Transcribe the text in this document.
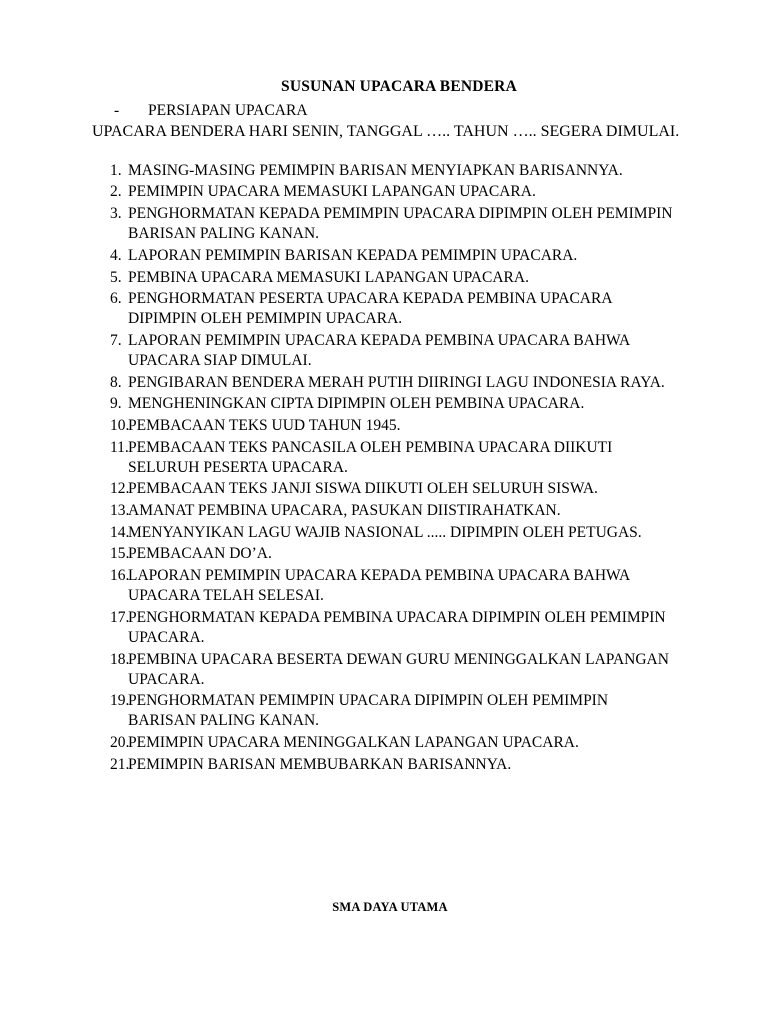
SUSUNAN UPACARA BENDERA
-	PERSIAPAN UPACARA
UPACARA BENDERA HARI SENIN, TANGGAL ….. TAHUN ….. SEGERA DIMULAI.
1. MASING-MASING PEMIMPIN BARISAN MENYIAPKAN BARISANNYA.
2. PEMIMPIN UPACARA MEMASUKI LAPANGAN UPACARA.
3. PENGHORMATAN KEPADA PEMIMPIN UPACARA DIPIMPIN OLEH PEMIMPIN BARISAN PALING KANAN.
4. LAPORAN PEMIMPIN BARISAN KEPADA PEMIMPIN UPACARA.
5. PEMBINA UPACARA MEMASUKI LAPANGAN UPACARA.
6. PENGHORMATAN PESERTA UPACARA KEPADA PEMBINA UPACARA DIPIMPIN OLEH PEMIMPIN UPACARA.
7. LAPORAN PEMIMPIN UPACARA KEPADA PEMBINA UPACARA BAHWA UPACARA SIAP DIMULAI.
8. PENGIBARAN BENDERA MERAH PUTIH DIIRINGI LAGU INDONESIA RAYA.
9. MENGHENINGKAN CIPTA DIPIMPIN OLEH PEMBINA UPACARA.
10.
PEMBACAAN TEKS UUD TAHUN 1945.
11. PEMBACAAN TEKS PANCASILA OLEH PEMBINA UPACARA DIIKUTI SELURUH PESERTA UPACARA.
12.
PEMBACAAN TEKS JANJI SISWA DIIKUTI OLEH SELURUH SISWA.
13.
AMANAT PEMBINA UPACARA, PASUKAN DIISTIRAHATKAN.
14.
MENYANYIKAN LAGU WAJIB NASIONAL ..... DIPIMPIN OLEH PETUGAS.
15.
PEMBACAAN DO’A.
16.
LAPORAN PEMIMPIN UPACARA KEPADA PEMBINA UPACARA BAHWA UPACARA TELAH SELESAI.
17.
PENGHORMATAN KEPADA PEMBINA UPACARA DIPIMPIN OLEH PEMIMPIN UPACARA.
18.
PEMBINA UPACARA BESERTA DEWAN GURU MENINGGALKAN LAPANGAN UPACARA.
19.
PENGHORMATAN PEMIMPIN UPACARA DIPIMPIN OLEH PEMIMPIN BARISAN PALING KANAN.
20.
PEMIMPIN UPACARA MENINGGALKAN LAPANGAN UPACARA.
21.
PEMIMPIN BARISAN MEMBUBARKAN BARISANNYA.
SMA DAYA UTAMA
